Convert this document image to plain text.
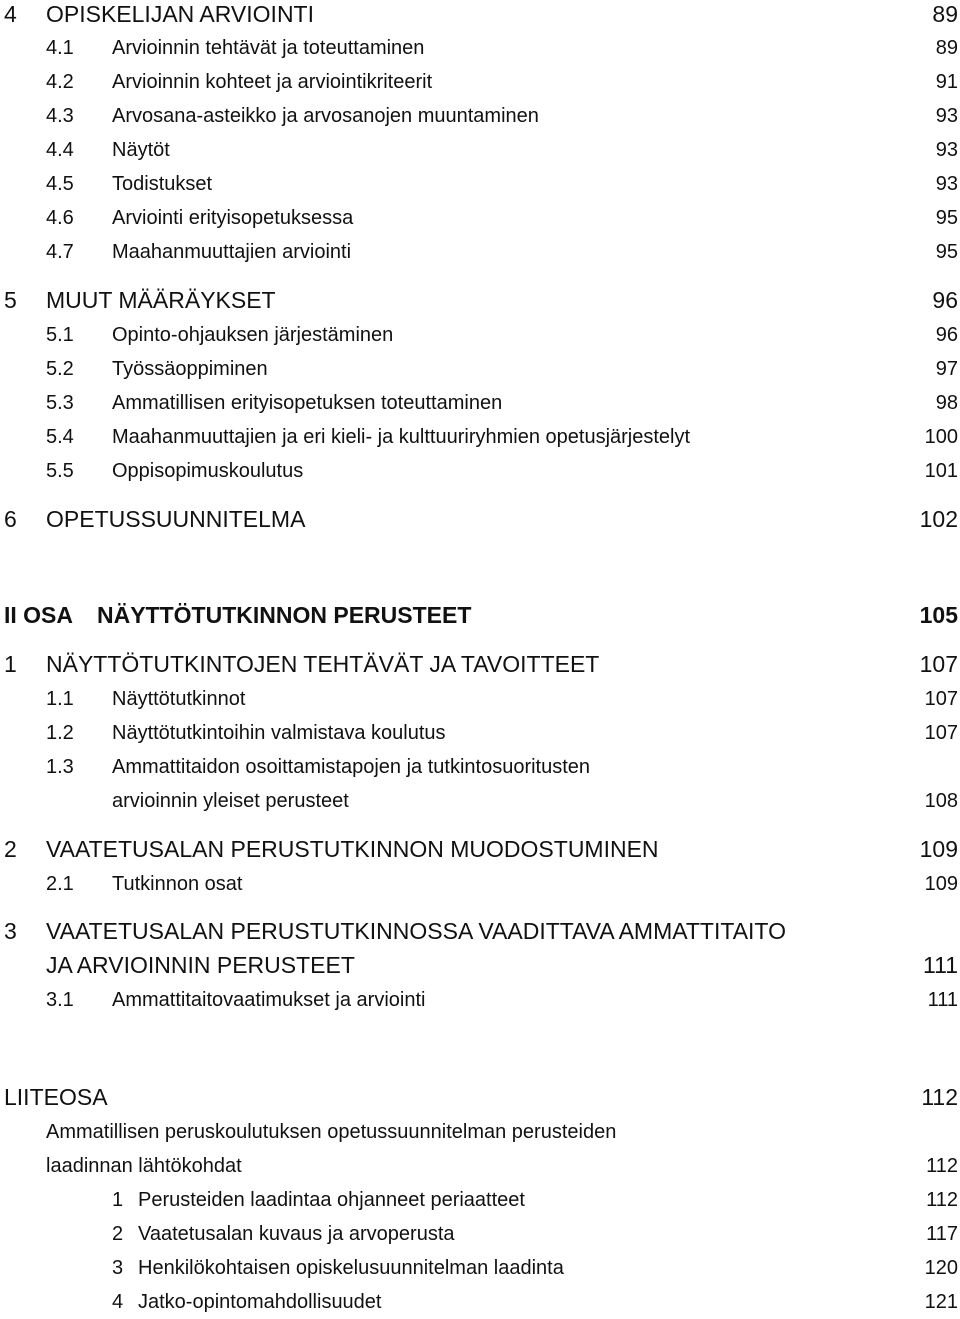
4 OPISKELIJAN ARVIOINTI	89
4.1 Arvioinnin tehtävät ja toteuttaminen	89
4.2 Arvioinnin kohteet ja arviointikriteerit	91
4.3 Arvosana-asteikko ja arvosanojen muuntaminen	93
4.4 Näytöt	93
4.5 Todistukset	93
4.6 Arviointi erityisopetuksessa	95
4.7 Maahanmuuttajien arviointi	95
5 MUUT MÄÄRÄYKSET	96
5.1 Opinto-ohjauksen järjestäminen	96
5.2 Työssäoppiminen	97
5.3 Ammatillisen erityisopetuksen toteuttaminen	98
5.4 Maahanmuuttajien ja eri kieli- ja kulttuuriryhmien opetusjärjestelyt	100
5.5 Oppisopimuskoulutus	101
6 OPETUSSUUNNITELMA	102
II OSA NÄYTTÖTUTKINNON PERUSTEET	105
1 NÄYTTÖTUTKINTOJEN TEHTÄVÄT JA TAVOITTEET	107
1.1 Näyttötutkinnot	107
1.2 Näyttötutkintoihin valmistava koulutus	107
1.3 Ammattitaidon osoittamistapojen ja tutkintosuoritusten
arvioinnin yleiset perusteet	108
2 VAATETUSALAN PERUSTUTKINNON MUODOSTUMINEN	109
2.1 Tutkinnon osat	109
3 VAATETUSALAN PERUSTUTKINNOSSA VAADITTAVA AMMATTITAITO
JA ARVIOINNIN PERUSTEET	111
3.1 Ammattitaitovaatimukset ja arviointi	111
LIITEOSA	112
Ammatillisen peruskoulutuksen opetussuunnitelman perusteiden
laadinnan lähtökohdat	112
1 Perusteiden laadintaa ohjanneet periaatteet	112
2 Vaatetusalan kuvaus ja arvoperusta	117
3 Henkilökohtaisen opiskelusuunnitelman laadinta	120
4 Jatko-opintomahdollisuudet	121
